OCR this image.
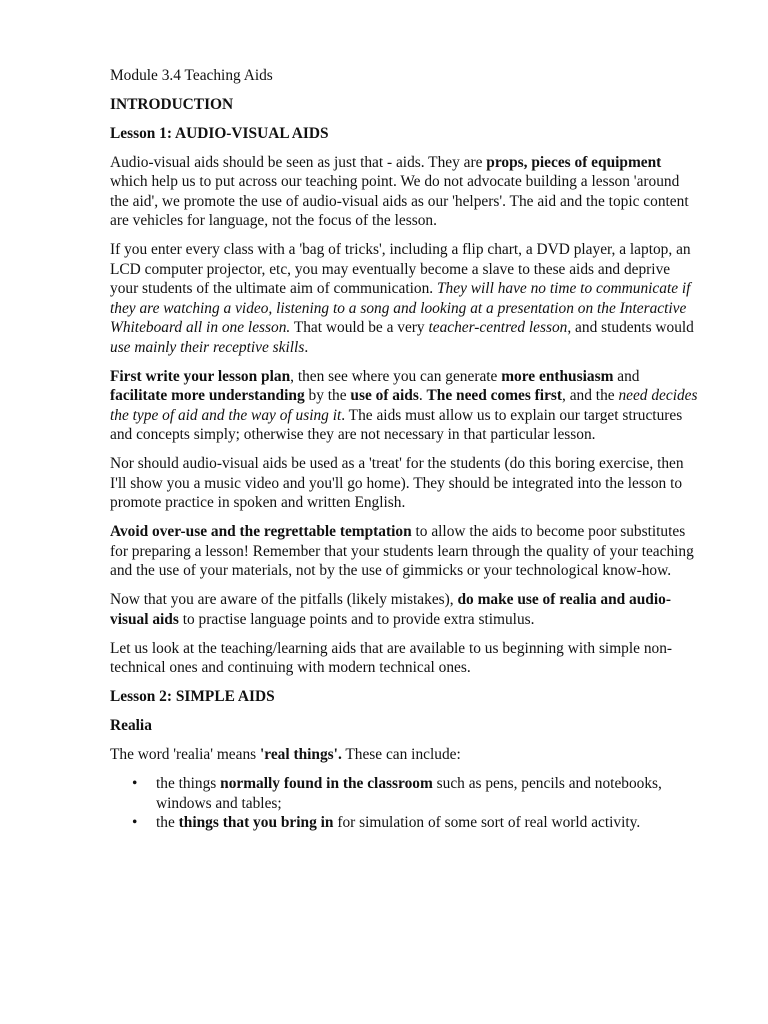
Module 3.4 Teaching Aids

INTRODUCTION

Lesson 1: AUDIO-VISUAL AIDS

Audio-visual aids should be seen as just that - aids. They are props, pieces of equipment which help us to put across our teaching point. We do not advocate building a lesson 'around the aid', we promote the use of audio-visual aids as our 'helpers'. The aid and the topic content are vehicles for language, not the focus of the lesson.

If you enter every class with a 'bag of tricks', including a flip chart, a DVD player, a laptop, an LCD computer projector, etc, you may eventually become a slave to these aids and deprive your students of the ultimate aim of communication. They will have no time to communicate if they are watching a video, listening to a song and looking at a presentation on the Interactive Whiteboard all in one lesson. That would be a very teacher-centred lesson, and students would use mainly their receptive skills.

First write your lesson plan, then see where you can generate more enthusiasm and facilitate more understanding by the use of aids. The need comes first, and the need decides the type of aid and the way of using it. The aids must allow us to explain our target structures and concepts simply; otherwise they are not necessary in that particular lesson.

Nor should audio-visual aids be used as a 'treat' for the students (do this boring exercise, then I'll show you a music video and you'll go home). They should be integrated into the lesson to promote practice in spoken and written English.

Avoid over-use and the regrettable temptation to allow the aids to become poor substitutes for preparing a lesson! Remember that your students learn through the quality of your teaching and the use of your materials, not by the use of gimmicks or your technological know-how.

Now that you are aware of the pitfalls (likely mistakes), do make use of realia and audio-visual aids to practise language points and to provide extra stimulus.

Let us look at the teaching/learning aids that are available to us beginning with simple non-technical ones and continuing with modern technical ones.

Lesson 2: SIMPLE AIDS

Realia

The word 'realia' means 'real things'. These can include:

• the things normally found in the classroom such as pens, pencils and notebooks, windows and tables;
• the things that you bring in for simulation of some sort of real world activity.
